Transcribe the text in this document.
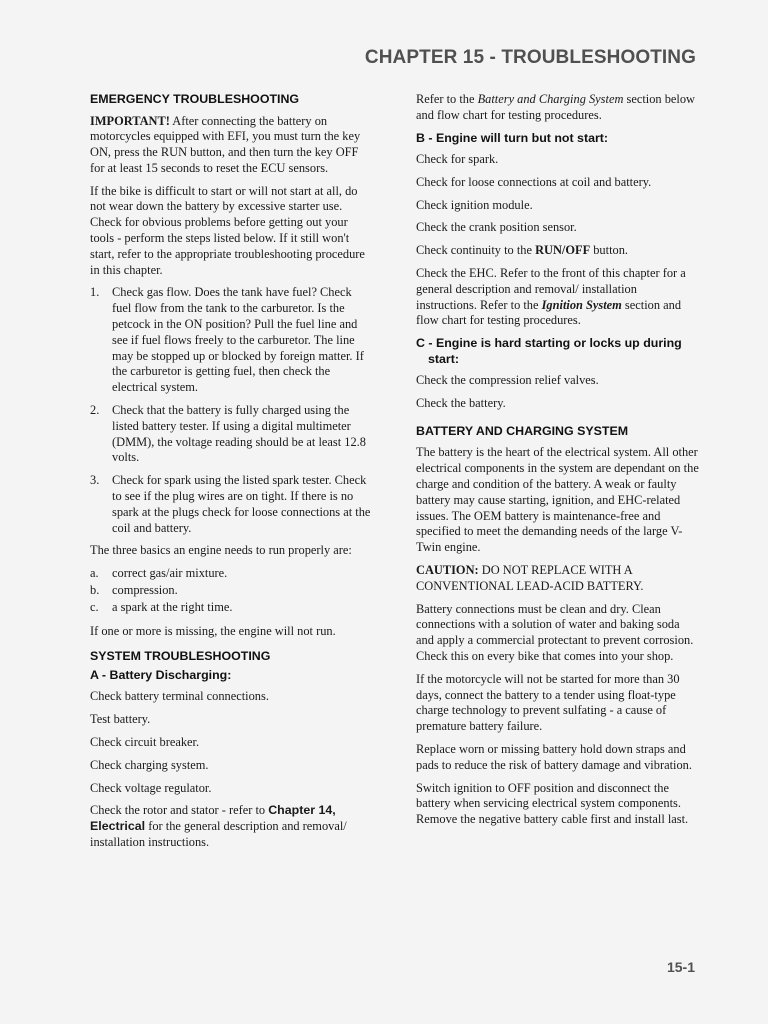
CHAPTER 15 - TROUBLESHOOTING
EMERGENCY TROUBLESHOOTING

IMPORTANT! After connecting the battery on motorcycles equipped with EFI, you must turn the key ON, press the RUN button, and then turn the key OFF for at least 15 seconds to reset the ECU sensors.

If the bike is difficult to start or will not start at all, do not wear down the battery by excessive starter use. Check for obvious problems before getting out your tools - perform the steps listed below. If it still won't start, refer to the appropriate troubleshooting procedure in this chapter.

1. Check gas flow. Does the tank have fuel? Check fuel flow from the tank to the carburetor. Is the petcock in the ON position? Pull the fuel line and see if fuel flows freely to the carburetor. The line may be stopped up or blocked by foreign matter. If the carburetor is getting fuel, then check the electrical system.
2. Check that the battery is fully charged using the listed battery tester. If using a digital multimeter (DMM), the voltage reading should be at least 12.8 volts.
3. Check for spark using the listed spark tester. Check to see if the plug wires are on tight. If there is no spark at the plugs check for loose connections at the coil and battery.

The three basics an engine needs to run properly are:

a. correct gas/air mixture.
b. compression.
c. a spark at the right time.

If one or more is missing, the engine will not run.

SYSTEM TROUBLESHOOTING
A - Battery Discharging:

Check battery terminal connections.

Test battery.

Check circuit breaker.

Check charging system.

Check voltage regulator.

Check the rotor and stator - refer to Chapter 14, Electrical for the general description and removal/ installation instructions.

Refer to the Battery and Charging System section below and flow chart for testing procedures.

B - Engine will turn but not start:

Check for spark.

Check for loose connections at coil and battery.

Check ignition module.

Check the crank position sensor.

Check continuity to the RUN/OFF button.

Check the EHC. Refer to the front of this chapter for a general description and removal/ installation instructions. Refer to the Ignition System section and flow chart for testing procedures.

C - Engine is hard starting or locks up during start:

Check the compression relief valves.

Check the battery.

BATTERY AND CHARGING SYSTEM

The battery is the heart of the electrical system. All other electrical components in the system are dependant on the charge and condition of the battery. A weak or faulty battery may cause starting, ignition, and EHC-related issues. The OEM battery is maintenance-free and specified to meet the demanding needs of the large V-Twin engine.

CAUTION: DO NOT REPLACE WITH A CONVENTIONAL LEAD-ACID BATTERY.

Battery connections must be clean and dry. Clean connections with a solution of water and baking soda and apply a commercial protectant to prevent corrosion. Check this on every bike that comes into your shop.

If the motorcycle will not be started for more than 30 days, connect the battery to a tender using float-type charge technology to prevent sulfating - a cause of premature battery failure.

Replace worn or missing battery hold down straps and pads to reduce the risk of battery damage and vibration.

Switch ignition to OFF position and disconnect the battery when servicing electrical system components. Remove the negative battery cable first and install last.

15-1
